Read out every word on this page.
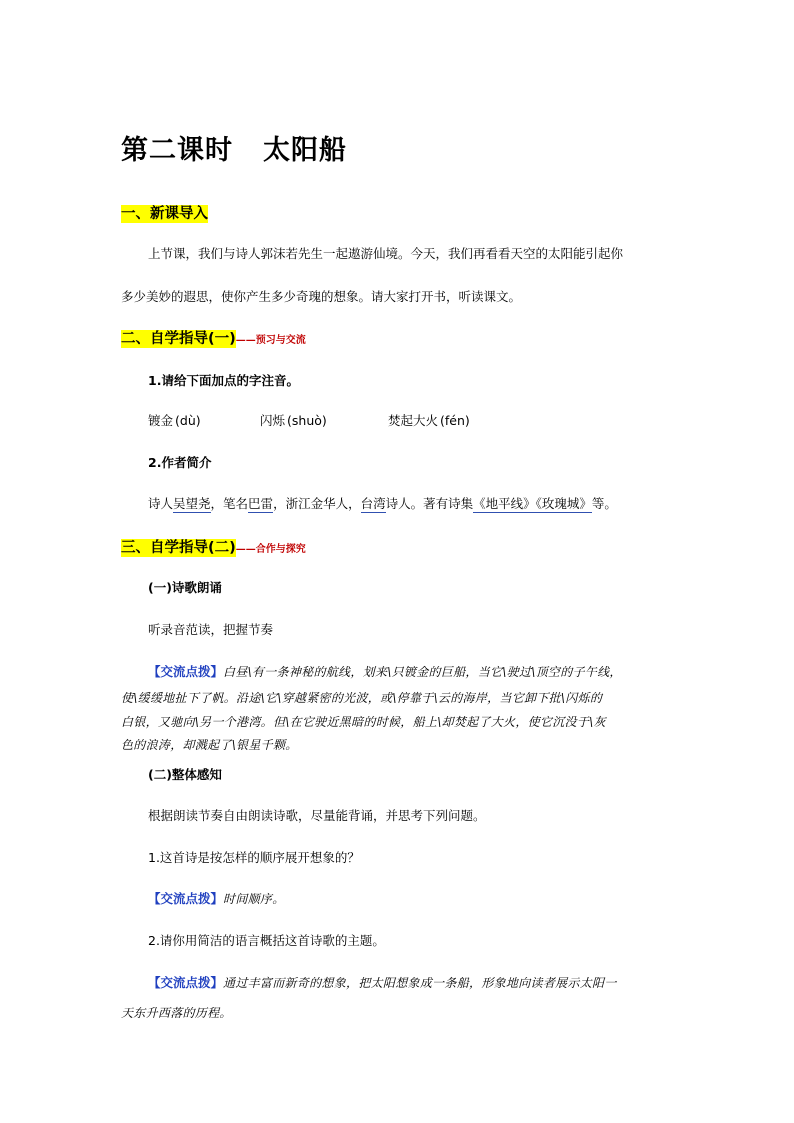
第二课时 太阳船
一、新课导入
上节课，我们与诗人郭沫若先生一起遨游仙境。今天，我们再看看天空的太阳能引起你
多少美妙的遐思，使你产生多少奇瑰的想象。请大家打开书，听读课文。
二、自学指导(一)——预习与交流
1.请给下面加点的字注音。
镀金 (dù)	闪烁 (shuò)	焚起大火 (fén)
2.作者简介
诗人吴望尧，笔名巴雷，浙江金华人，台湾诗人。著有诗集《地平线》《玫瑰城》等。
三、自学指导(二)——合作与探究
(一)诗歌朗诵
听录音范读，把握节奏
【交流点拨】白昼\有一条神秘的航线，划来\只镀金的巨船，当它\驶过\顶空的子午线，
使\缓缓地扯下了帆。沿途\它\穿越紧密的光波，或\停靠于\云的海岸，当它卸下批\闪烁的
白银，又驰向\另一个港湾。但\在它驶近黑暗的时候，船上\却焚起了大火，使它沉没于\灰
色的浪涛，却溅起了\银星千颗。
(二)整体感知
根据朗读节奏自由朗读诗歌，尽量能背诵，并思考下列问题。
1.这首诗是按怎样的顺序展开想象的？
【交流点拨】时间顺序。
2.请你用简洁的语言概括这首诗歌的主题。
【交流点拨】通过丰富而新奇的想象，把太阳想象成一条船，形象地向读者展示太阳一
天东升西落的历程。
